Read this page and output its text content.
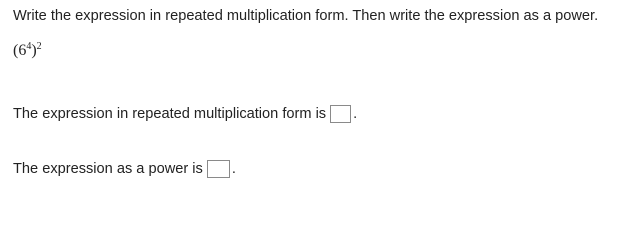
Write the expression in repeated multiplication form. Then write the expression as a power.
$(6^4)^2$
The expression in repeated multiplication form is .
The expression as a power is .
